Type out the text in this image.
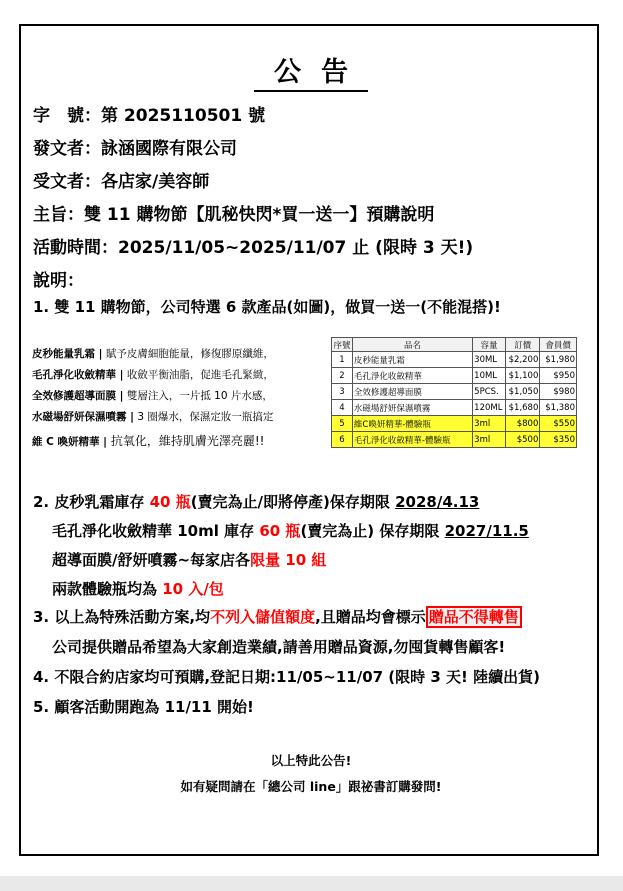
公告
字　號：第 2025110501 號
發文者：詠涵國際有限公司
受文者：各店家/美容師
主旨：雙 11 購物節【肌秘快閃*買一送一】預購說明
活動時間：2025/11/05~2025/11/07 止 (限時 3 天!)
說明：
1. 雙 11 購物節，公司特選 6 款產品(如圖)，做買一送一(不能混搭)!
皮秒能量乳霜 | 賦予皮膚細胞能量，修復膠原纖維，
毛孔淨化收斂精華 | 收斂平衡油脂，促進毛孔緊緻，
全效修護超導面膜 | 雙層注入，一片抵 10 片水感，
水磁場舒妍保濕噴霧 | 3 圈爆水，保濕定妝一瓶搞定
維 C 喚妍精華 | 抗氧化，維持肌膚光澤亮麗!!
序號	品名	容量	訂價	會員價
1	皮秒能量乳霜	30ML	$2,200	$1,980
2	毛孔淨化收斂精華	10ML	$1,100	$950
3	全效修護超導面膜	5PCS.	$1,050	$980
4	水磁場舒妍保濕噴霧	120ML	$1,680	$1,380
5	維C喚妍精華-體驗瓶	3ml	$800	$550
6	毛孔淨化收斂精華-體驗瓶	3ml	$500	$350
2. 皮秒乳霜庫存 40 瓶(賣完為止/即將停產)保存期限 2028/4.13
毛孔淨化收斂精華 10ml 庫存 60 瓶(賣完為止) 保存期限 2027/11.5
超導面膜/舒妍噴霧~每家店各限量 10 組
兩款體驗瓶均為 10 入/包
3. 以上為特殊活動方案,均不列入儲值額度,且贈品均會標示 贈品不得轉售
公司提供贈品希望為大家創造業績,請善用贈品資源,勿囤貨轉售顧客!
4. 不限合約店家均可預購,登記日期:11/05~11/07 (限時 3 天! 陸續出貨)
5. 顧客活動開跑為 11/11 開始!
以上特此公告!
如有疑問請在「總公司 line」跟祕書訂購發問!
